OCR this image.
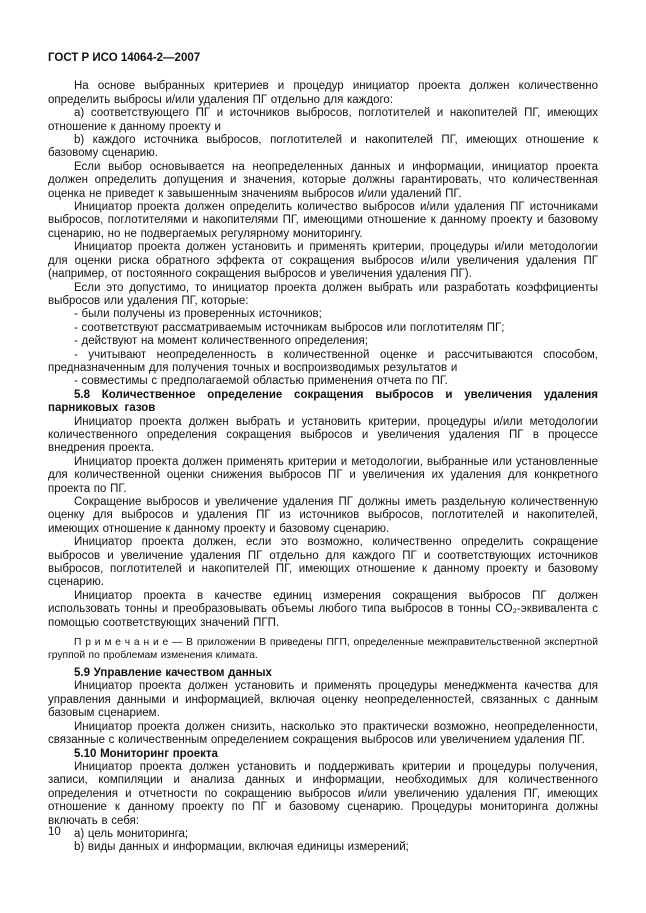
ГОСТ Р ИСО 14064-2—2007

На основе выбранных критериев и процедур инициатор проекта должен количественно определить выбросы и/или удаления ПГ отдельно для каждого:

a) соответствующего ПГ и источников выбросов, поглотителей и накопителей ПГ, имеющих отношение к данному проекту и

b) каждого источника выбросов, поглотителей и накопителей ПГ, имеющих отношение к базовому сценарию.

Если выбор основывается на неопределенных данных и информации, инициатор проекта должен определить допущения и значения, которые должны гарантировать, что количественная оценка не приведет к завышенным значениям выбросов и/или удалений ПГ.

Инициатор проекта должен определить количество выбросов и/или удаления ПГ источниками выбросов, поглотителями и накопителями ПГ, имеющими отношение к данному проекту и базовому сценарию, но не подвергаемых регулярному мониторингу.

Инициатор проекта должен установить и применять критерии, процедуры и/или методологии для оценки риска обратного эффекта от сокращения выбросов и/или увеличения удаления ПГ (например, от постоянного сокращения выбросов и увеличения удаления ПГ).

Если это допустимо, то инициатор проекта должен выбрать или разработать коэффициенты выбросов или удаления ПГ, которые:

- были получены из проверенных источников;

- соответствуют рассматриваемым источникам выбросов или поглотителям ПГ;

- действуют на момент количественного определения;

- учитывают неопределенность в количественной оценке и рассчитываются способом, предназначенным для получения точных и воспроизводимых результатов и

- совместимы с предполагаемой областью применения отчета по ПГ.

5.8 Количественное определение сокращения выбросов и увеличения удаления парниковых газов

Инициатор проекта должен выбрать и установить критерии, процедуры и/или методологии количественного определения сокращения выбросов и увеличения удаления ПГ в процессе внедрения проекта.

Инициатор проекта должен применять критерии и методологии, выбранные или установленные для количественной оценки снижения выбросов ПГ и увеличения их удаления для конкретного проекта по ПГ.

Сокращение выбросов и увеличение удаления ПГ должны иметь раздельную количественную оценку для выбросов и удаления ПГ из источников выбросов, поглотителей и накопителей, имеющих отношение к данному проекту и базовому сценарию.

Инициатор проекта должен, если это возможно, количественно определить сокращение выбросов и увеличение удаления ПГ отдельно для каждого ПГ и соответствующих источников выбросов, поглотителей и накопителей ПГ, имеющих отношение к данному проекту и базовому сценарию.

Инициатор проекта в качестве единиц измерения сокращения выбросов ПГ должен использовать тонны и преобразовывать объемы любого типа выбросов в тонны CO₂-эквивалента с помощью соответствующих значений ПГП.

П р и м е ч а н и е — В приложении В приведены ПГП, определенные межправительственной экспертной группой по проблемам изменения климата.

5.9 Управление качеством данных

Инициатор проекта должен установить и применять процедуры менеджмента качества для управления данными и информацией, включая оценку неопределенностей, связанных с данным базовым сценарием.

Инициатор проекта должен снизить, насколько это практически возможно, неопределенности, связанные с количественным определением сокращения выбросов или увеличением удаления ПГ.

5.10 Мониторинг проекта

Инициатор проекта должен установить и поддерживать критерии и процедуры получения, записи, компиляции и анализа данных и информации, необходимых для количественного определения и отчетности по сокращению выбросов и/или увеличению удаления ПГ, имеющих отношение к данному проекту по ПГ и базовому сценарию. Процедуры мониторинга должны включать в себя:

a) цель мониторинга;

b) виды данных и информации, включая единицы измерений;

10
